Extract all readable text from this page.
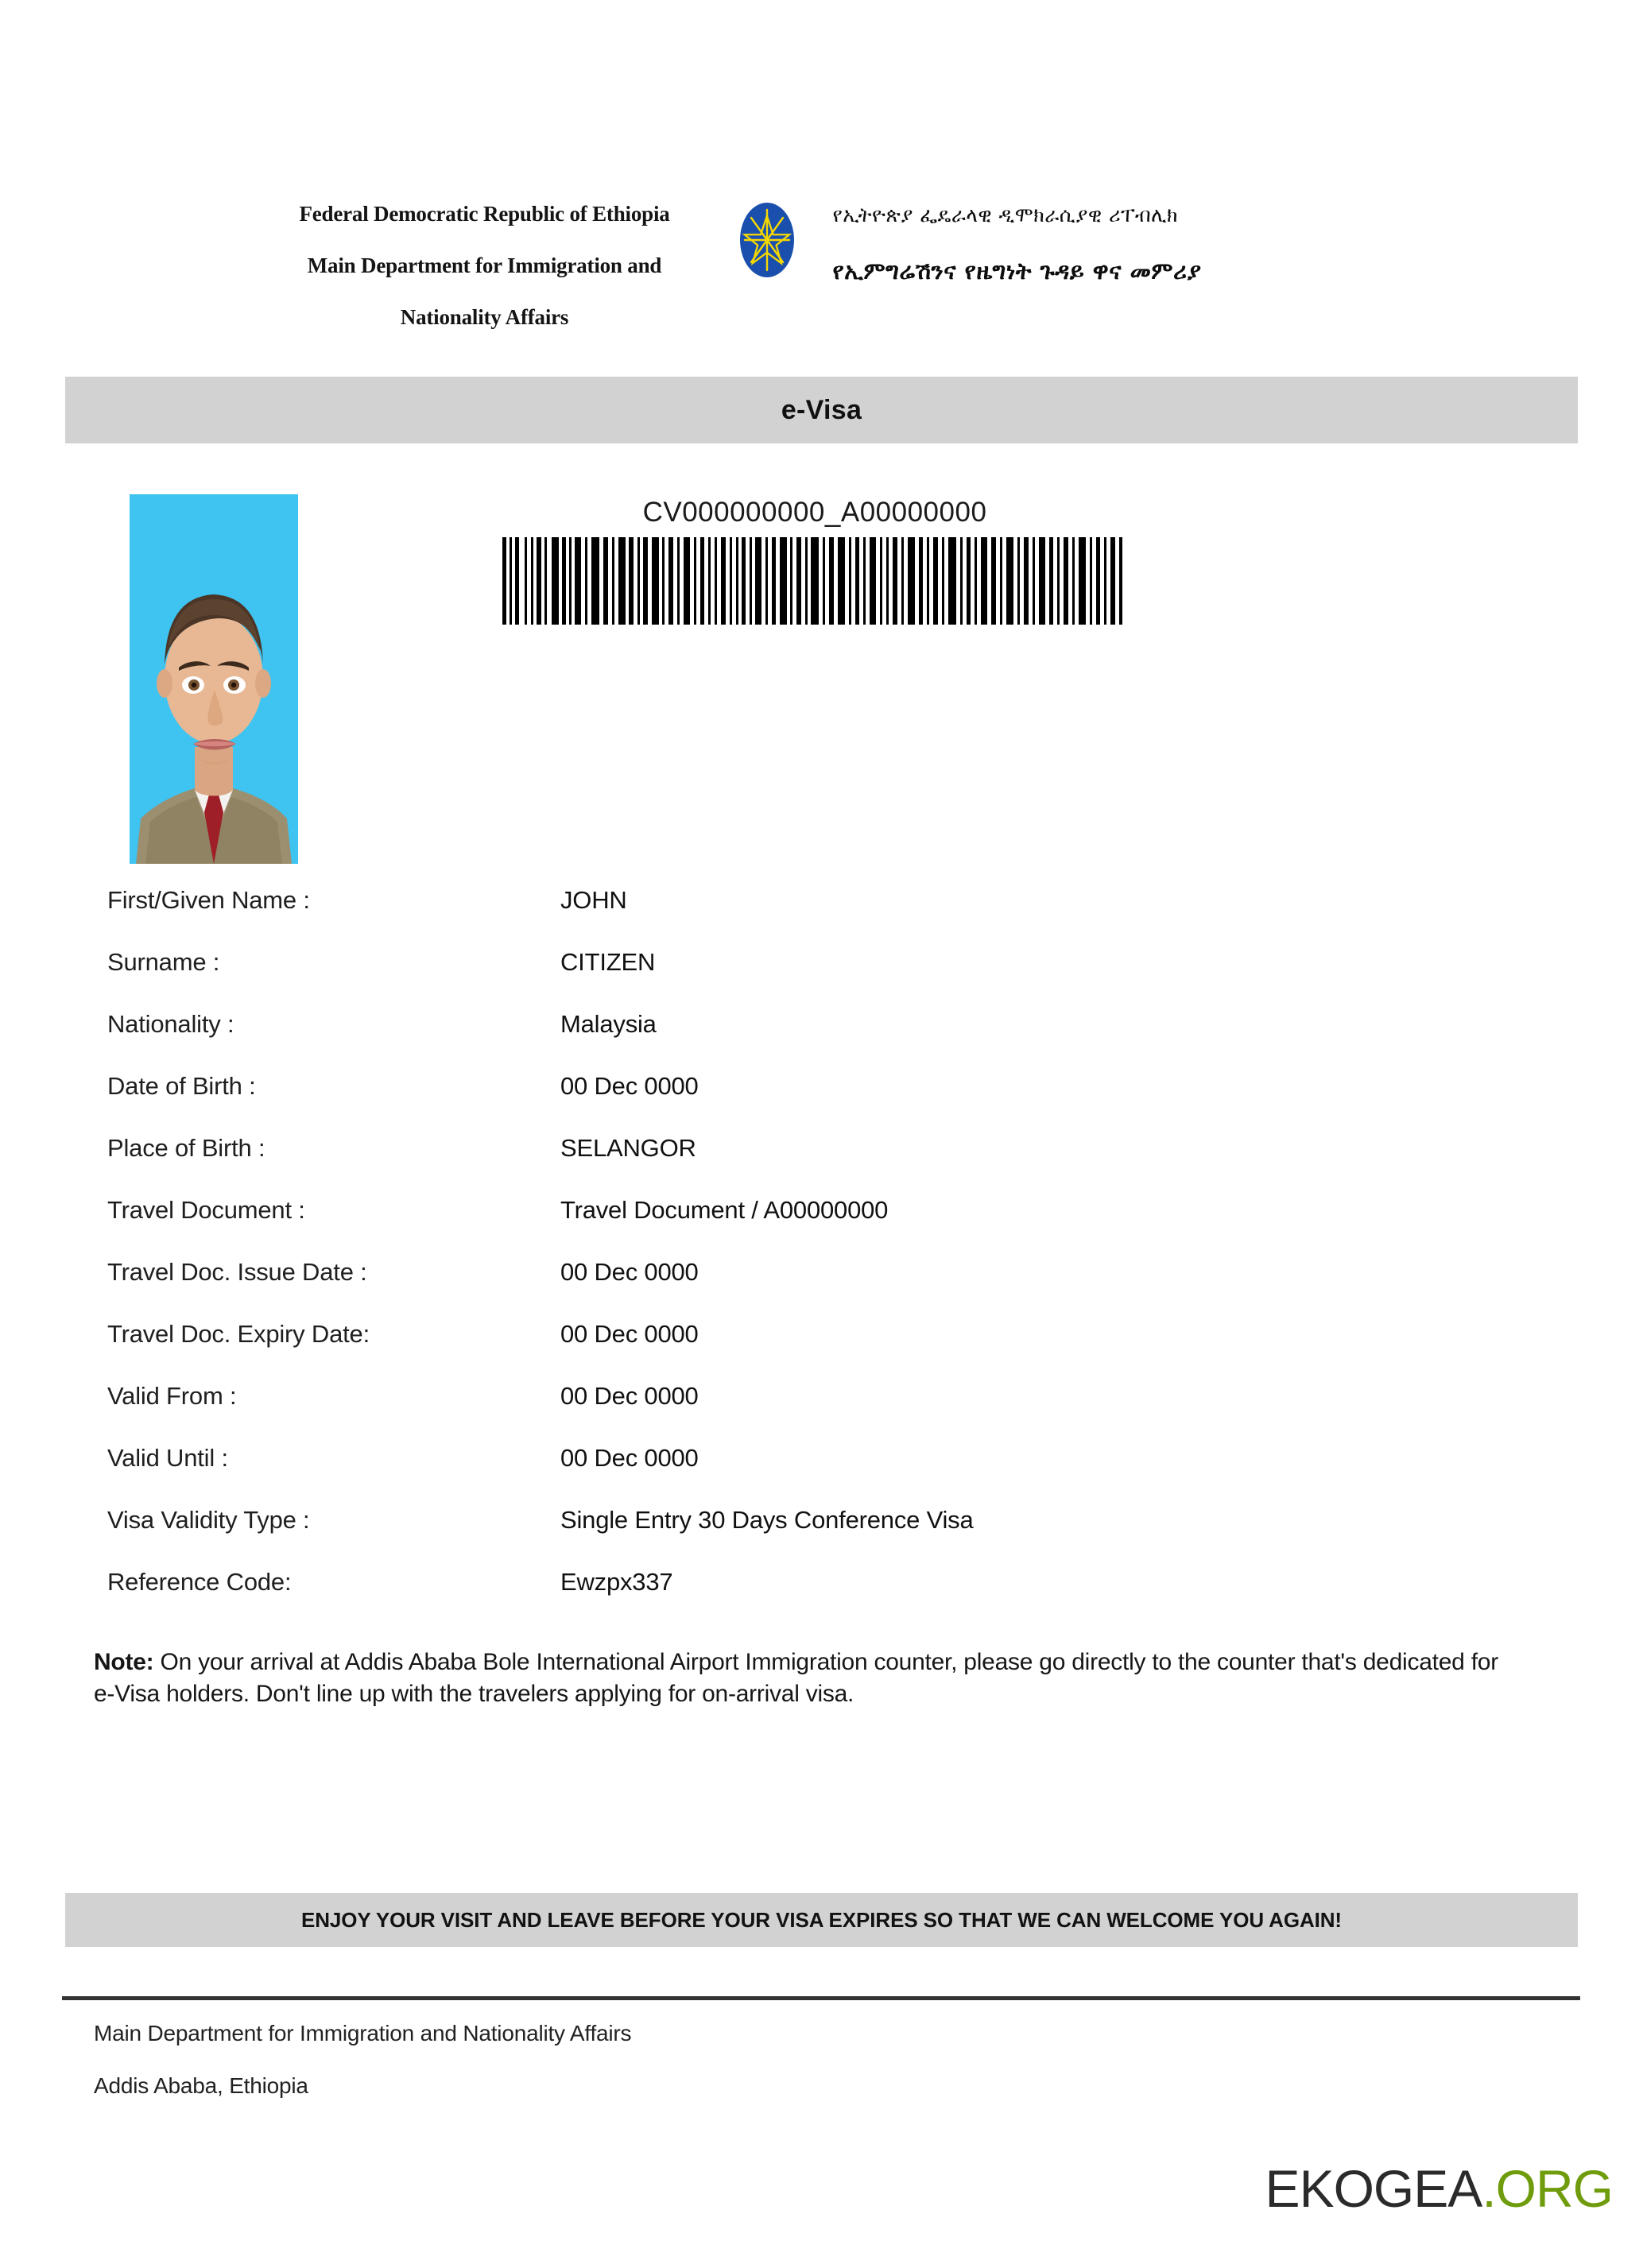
Federal Democratic Republic of Ethiopia
Main Department for Immigration and
Nationality Affairs
የኢትዮጵያ ፌዴራላዊ ዲሞክራሲያዊ ሪፐብሊክ
የኢምግሬሽንና የዜግነት ጉዳይ ዋና መምሪያ
e-Visa
CV000000000_A00000000
First/Given Name :	JOHN
Surname :	CITIZEN
Nationality :	Malaysia
Date of Birth :	00 Dec 0000
Place of Birth :	SELANGOR
Travel Document :	Travel Document / A00000000
Travel Doc. Issue Date :	00 Dec 0000
Travel Doc. Expiry Date:	00 Dec 0000
Valid From :	00 Dec 0000
Valid Until :	00 Dec 0000
Visa Validity Type :	Single Entry 30 Days Conference Visa
Reference Code:	Ewzpx337
Note: On your arrival at Addis Ababa Bole International Airport Immigration counter, please go directly to the counter that's dedicated for e-Visa holders. Don't line up with the travelers applying for on-arrival visa.
ENJOY YOUR VISIT AND LEAVE BEFORE YOUR VISA EXPIRES SO THAT WE CAN WELCOME YOU AGAIN!
Main Department for Immigration and Nationality Affairs
Addis Ababa, Ethiopia
EKOGEA.ORG
